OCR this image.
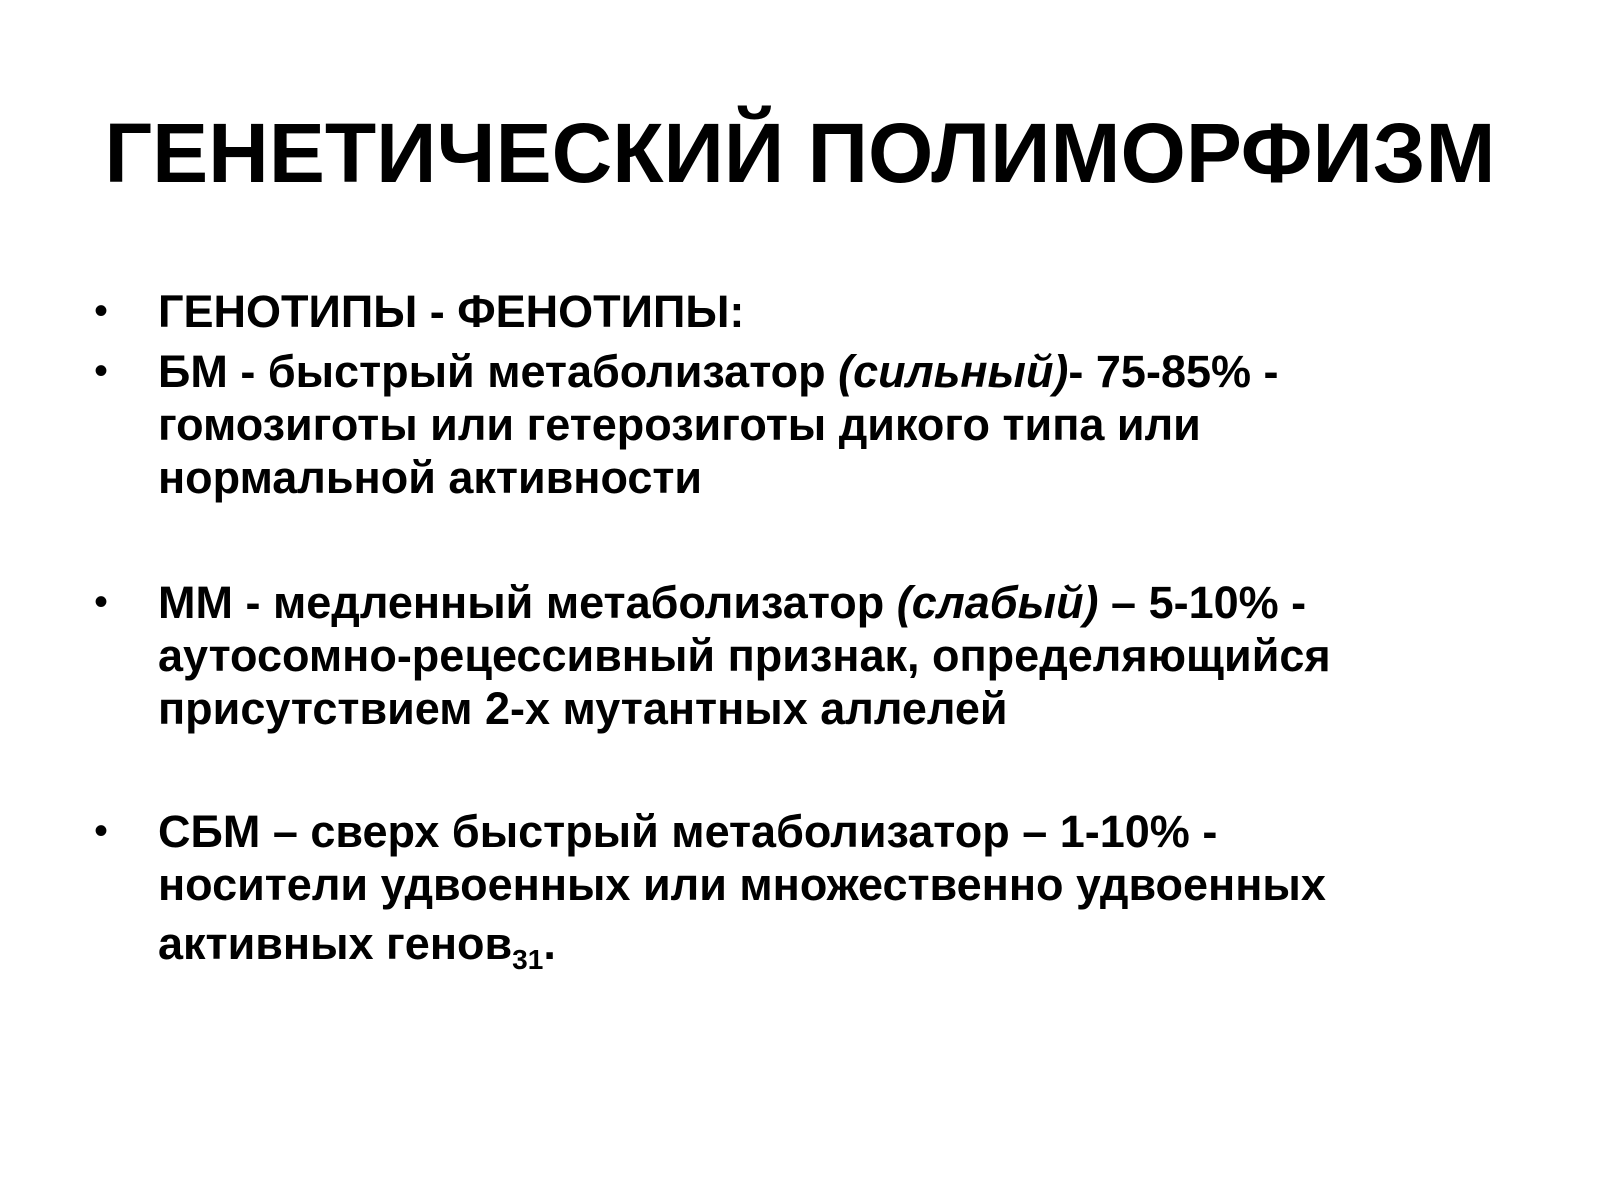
ГЕНЕТИЧЕСКИЙ ПОЛИМОРФИЗМ
•	ГЕНОТИПЫ - ФЕНОТИПЫ:
•	БМ - быстрый метаболизатор (сильный)- 75-85% -
гомозиготы или гетерозиготы дикого типа или
нормальной активности
•	ММ - медленный метаболизатор (слабый) – 5-10% -
аутосомно-рецессивный признак, определяющийся
присутствием 2-х мутантных аллелей
•	СБМ – сверх быстрый метаболизатор – 1-10% -
носители удвоенных или множественно удвоенных
активных генов$_{31}$.
